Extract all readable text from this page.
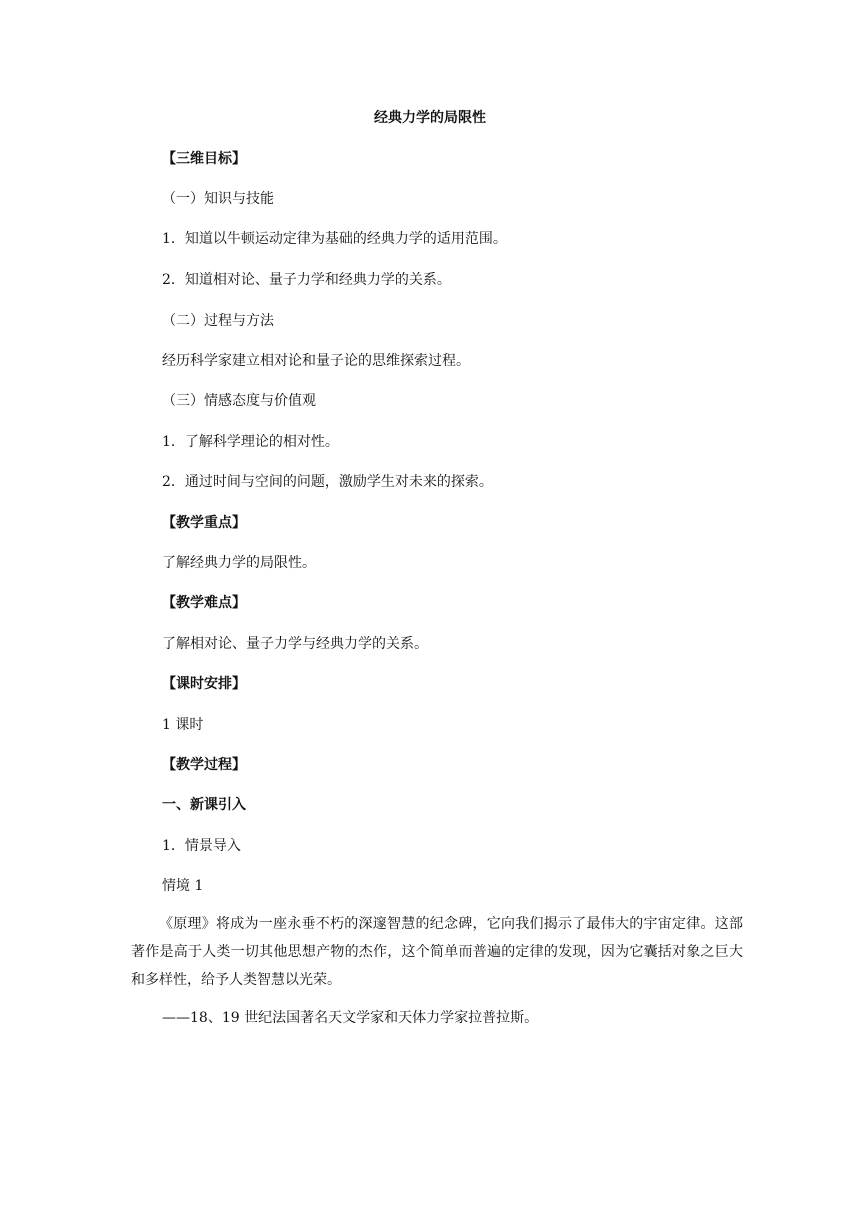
经典力学的局限性
【三维目标】
（一）知识与技能
1．知道以牛顿运动定律为基础的经典力学的适用范围。
2．知道相对论、量子力学和经典力学的关系。
（二）过程与方法
经历科学家建立相对论和量子论的思维探索过程。
（三）情感态度与价值观
1．了解科学理论的相对性。
2．通过时间与空间的问题，激励学生对未来的探索。
【教学重点】
了解经典力学的局限性。
【教学难点】
了解相对论、量子力学与经典力学的关系。
【课时安排】
1 课时
【教学过程】
一、新课引入
1．情景导入
情境 1
《原理》将成为一座永垂不朽的深邃智慧的纪念碑，它向我们揭示了最伟大的宇宙定律。这部著作是高于人类一切其他思想产物的杰作，这个简单而普遍的定律的发现，因为它囊括对象之巨大和多样性，给予人类智慧以光荣。
——18、19 世纪法国著名天文学家和天体力学家拉普拉斯。
